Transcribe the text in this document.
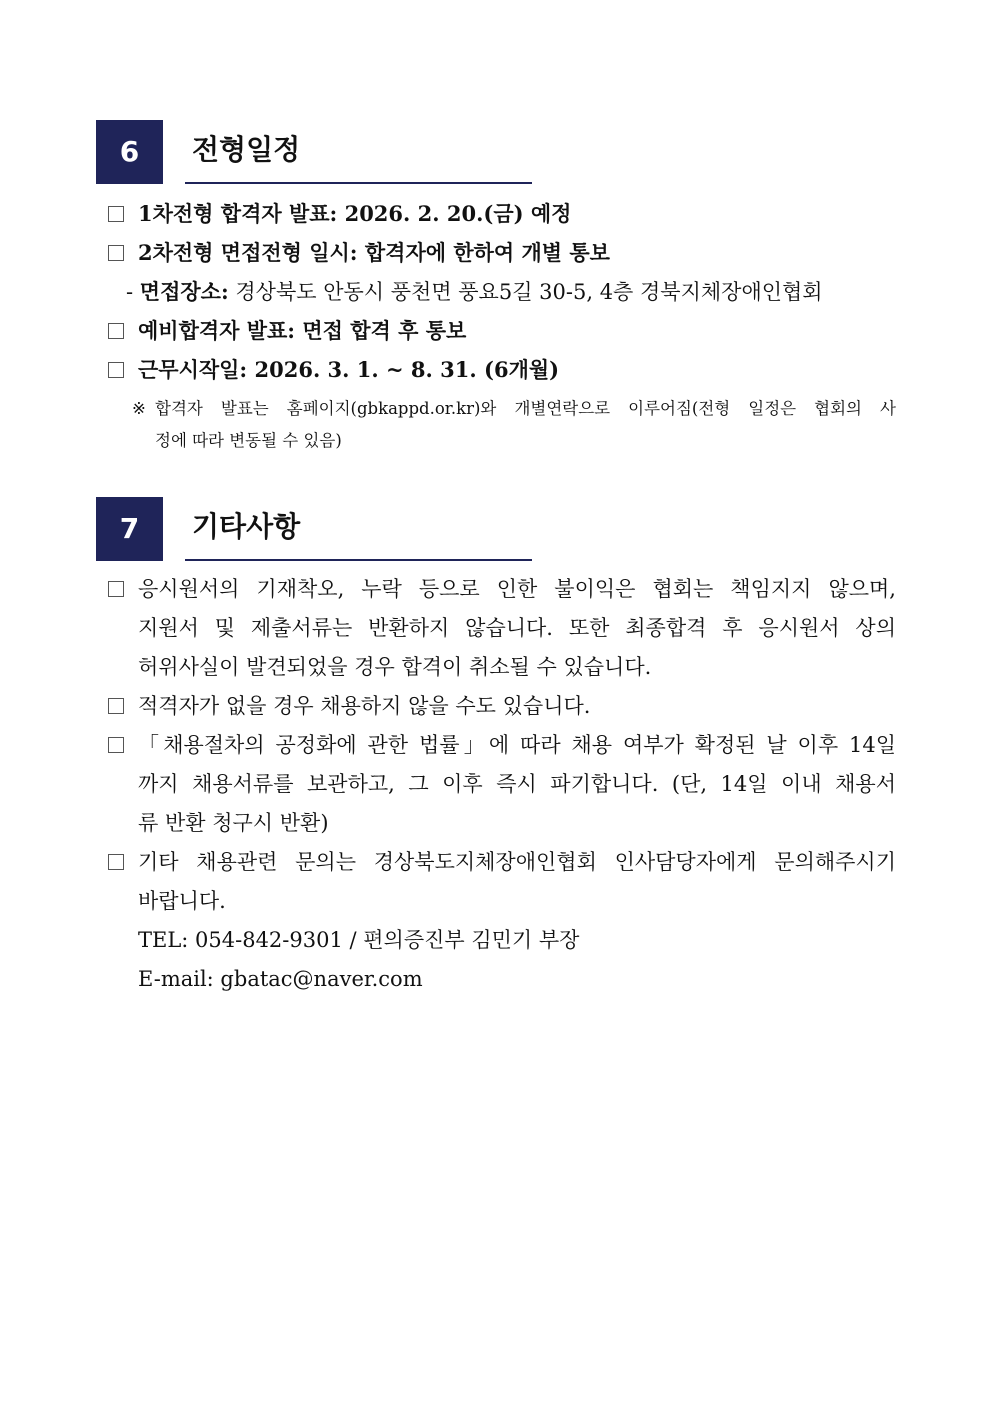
6	전형일정
1차전형 합격자 발표: 2026. 2. 20.(금) 예정
2차전형 면접전형 일시: 합격자에 한하여 개별 통보
- 면접장소: 경상북도 안동시 풍천면 풍요5길 30-5, 4층 경북지체장애인협회
예비합격자 발표: 면접 합격 후 통보
근무시작일: 2026. 3. 1. ~ 8. 31. (6개월)
※ 합격자 발표는 홈페이지(gbkappd.or.kr)와 개별연락으로 이루어짐(전형 일정은 협회의 사
정에 따라 변동될 수 있음)
7	기타사항
응시원서의 기재착오, 누락 등으로 인한 불이익은 협회는 책임지지 않으며,
지원서 및 제출서류는 반환하지 않습니다. 또한 최종합격 후 응시원서 상의
허위사실이 발견되었을 경우 합격이 취소될 수 있습니다.
적격자가 없을 경우 채용하지 않을 수도 있습니다.
「채용절차의 공정화에 관한 법률」에 따라 채용 여부가 확정된 날 이후 14일
까지 채용서류를 보관하고, 그 이후 즉시 파기합니다. (단, 14일 이내 채용서
류 반환 청구시 반환)
기타 채용관련 문의는 경상북도지체장애인협회 인사담당자에게 문의해주시기
바랍니다.
TEL: 054-842-9301 / 편의증진부 김민기 부장
E-mail: gbatac@naver.com
